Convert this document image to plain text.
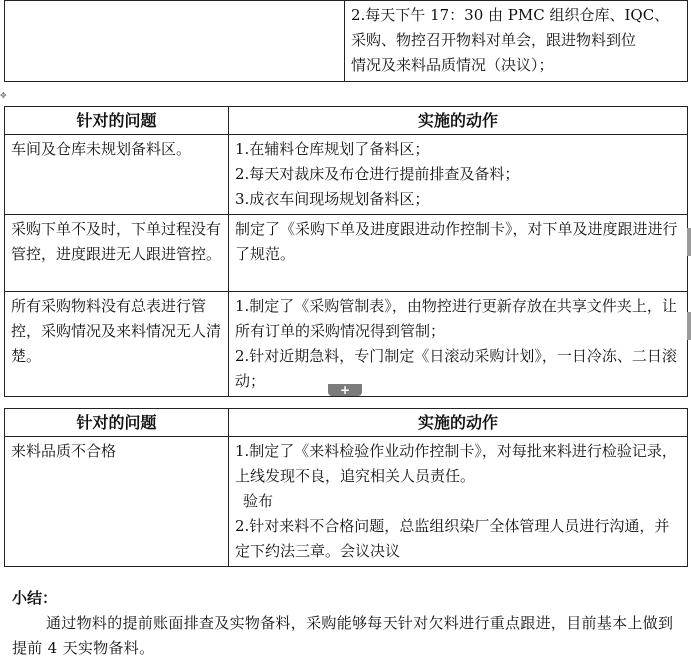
2.每天下午 17：30 由 PMC 组织仓库、IQC、
采购、物控召开物料对单会，跟进物料到位
情况及来料品质情况（决议）；
✥
针对的问题	实施的动作
车间及仓库未规划备料区。	1.在辅料仓库规划了备料区；
2.每天对裁床及布仓进行提前排查及备料；
3.成衣车间现场规划备料区；

采购下单不及时，下单过程没有管控，进度跟进无人跟进管控。	制定了《采购下单及进度跟进动作控制卡》，对下单及进度跟进进行了规范。

所有采购物料没有总表进行管控，采购情况及来料情况无人清楚。	1.制定了《采购管制表》，由物控进行更新存放在共享文件夹上，让所有订单的采购情况得到管制；
2.针对近期急料，专门制定《日滚动采购计划》，一日冷冻、二日滚动；	+
针对的问题	实施的动作
来料品质不合格	1.制定了《来料检验作业动作控制卡》，对每批来料进行检验记录，上线发现不良，追究相关人员责任。
验布
2.针对来料不合格问题，总监组织染厂全体管理人员进行沟通，并定下约法三章。会议决议

小结：

通过物料的提前账面排查及实物备料，采购能够每天针对欠料进行重点跟进，目前基本上做到提前 4 天实物备料。
